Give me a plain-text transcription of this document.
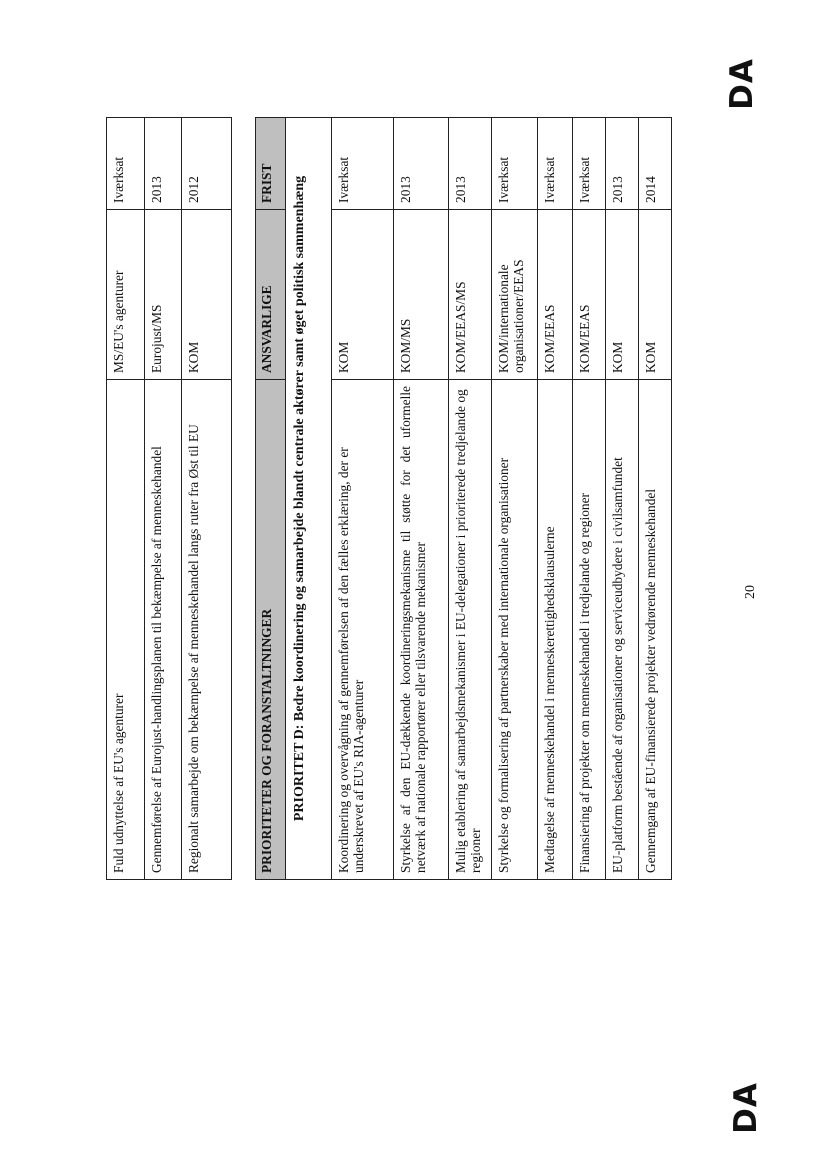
DA
DA
20
Fuld udnyttelse af EU's agenturer	MS/EU's agenturer	Iværksat
Gennemførelse af Eurojust-handlingsplanen til bekæmpelse af menneskehandel	Eurojust/MS	2013
Regionalt samarbejde om bekæmpelse af menneskehandel langs ruter fra Øst til EU	KOM	2012
PRIORITETER OG FORANSTALTNINGER	ANSVARLIGE	FRIST
PRIORITET D: Bedre koordinering og samarbejde blandt centrale aktører samt øget politisk sammenhæng		
Koordinering og overvågning af gennemførelsen af den fælles erklæring, der er underskrevet af EU's RIA-agenturer	KOM	Iværksat
Styrkelse af den EU-dækkende koordineringsmekanisme til støtte for det uformelle netværk af nationale rapportører eller tilsvarende mekanismer	KOM/MS	2013
Mulig etablering af samarbejdsmekanismer i EU-delegationer i prioriterede tredjelande og regioner	KOM/EEAS/MS	2013
Styrkelse og formalisering af partnerskaber med internationale organisationer	KOM/internationale organisationer/EEAS	Iværksat
Medtagelse af menneskehandel i menneskerettighedsklausulerne	KOM/EEAS	Iværksat
Finansiering af projekter om menneskehandel i tredjelande og regioner	KOM/EEAS	Iværksat
EU-platform bestående af organisationer og serviceudbydere i civilsamfundet	KOM	2013
Gennemgang af EU-finansierede projekter vedrørende menneskehandel	KOM	2014
